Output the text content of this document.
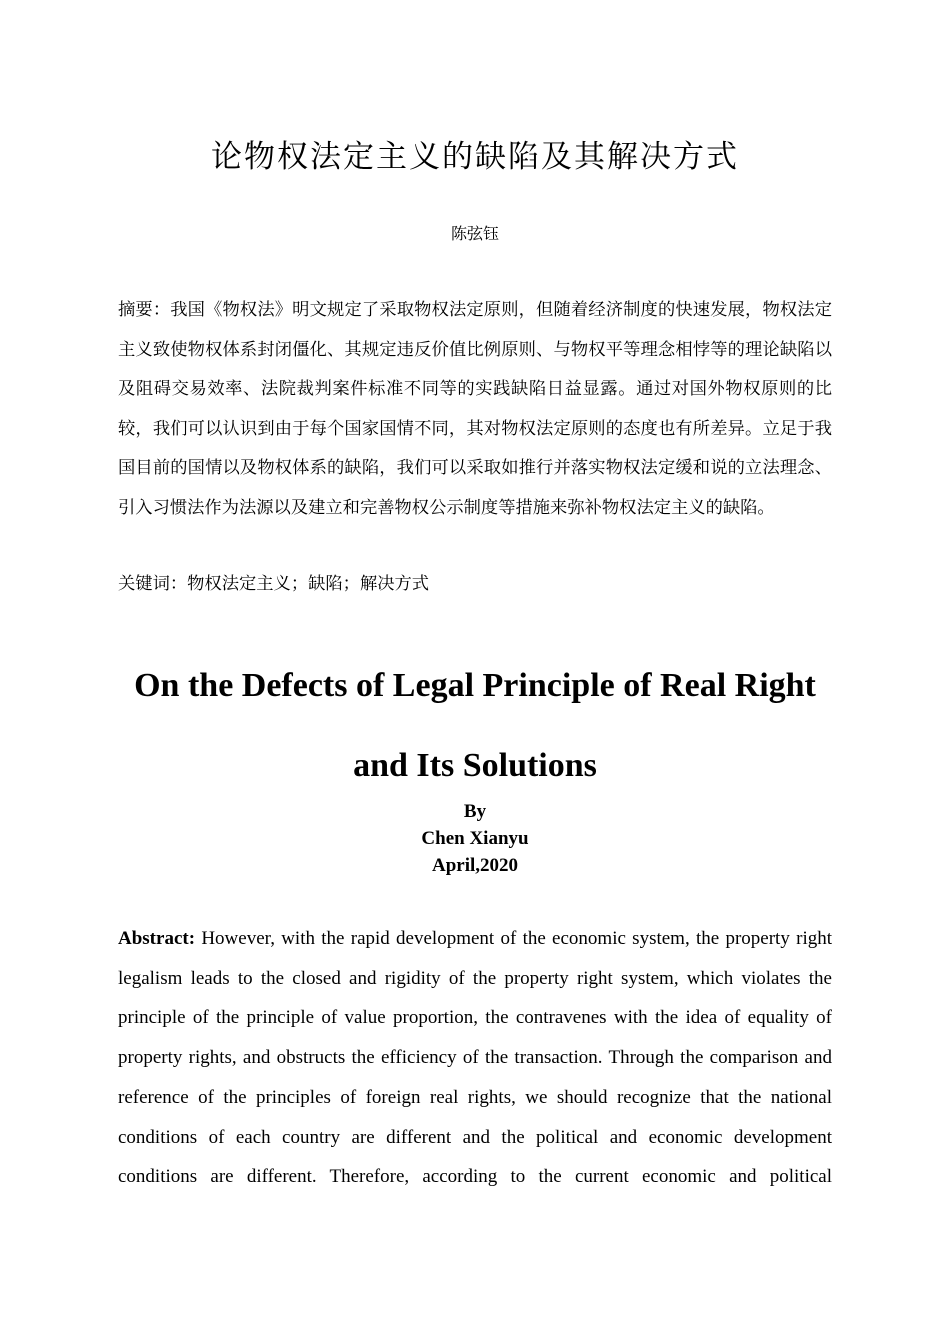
论物权法定主义的缺陷及其解决方式
陈弦钰

摘要：我国《物权法》明文规定了采取物权法定原则，但随着经济制度的快速发展，物权法定主义致使物权体系封闭僵化、其规定违反价值比例原则、与物权平等理念相悖等的理论缺陷以及阻碍交易效率、法院裁判案件标准不同等的实践缺陷日益显露。通过对国外物权原则的比较，我们可以认识到由于每个国家国情不同，其对物权法定原则的态度也有所差异。立足于我国目前的国情以及物权体系的缺陷，我们可以采取如推行并落实物权法定缓和说的立法理念、引入习惯法作为法源以及建立和完善物权公示制度等措施来弥补物权法定主义的缺陷。

关键词：物权法定主义；缺陷；解决方式

On the Defects of Legal Principle of Real Right
and Its Solutions
By
Chen Xianyu
April,2020

Abstract: However, with the rapid development of the economic system, the property right legalism leads to the closed and rigidity of the property right system, which violates the principle of the principle of value proportion, the contravenes with the idea of equality of property rights, and obstructs the efficiency of the transaction. Through the comparison and reference of the principles of foreign real rights, we should recognize that the national conditions of each country are different and the political and economic development conditions are different. Therefore, according to the current economic and political
